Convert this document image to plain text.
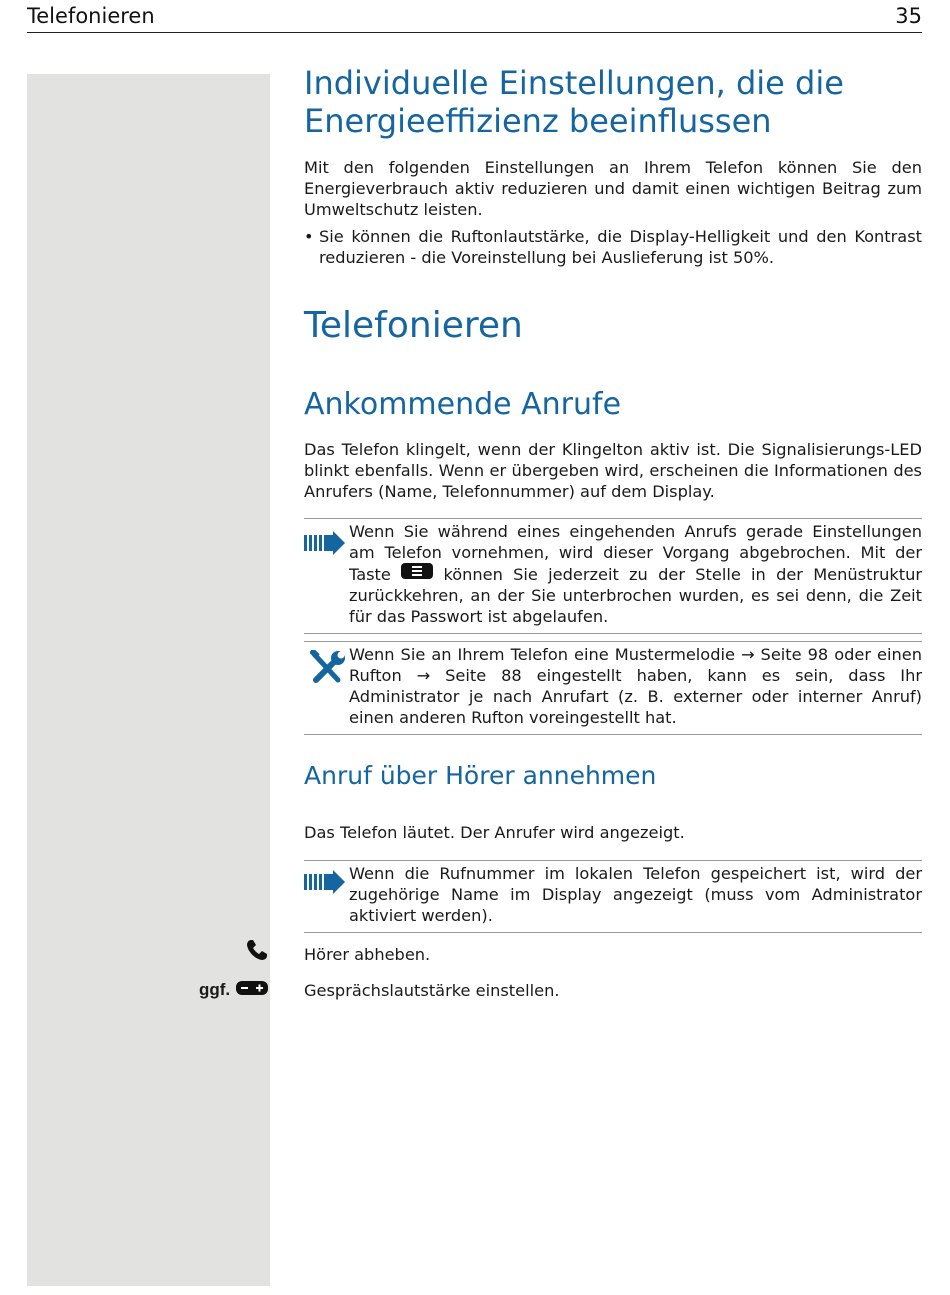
Telefonieren	35
Individuelle Einstellungen, die die
Energieeffizienz beeinflussen
Mit den folgenden Einstellungen an Ihrem Telefon können Sie den Energieverbrauch aktiv reduzieren und damit einen wichtigen Beitrag zum Umweltschutz leisten.
• Sie können die Ruftonlautstärke, die Display-Helligkeit und den Kontrast reduzieren - die Voreinstellung bei Auslieferung ist 50%.
Telefonieren
Ankommende Anrufe
Das Telefon klingelt, wenn der Klingelton aktiv ist. Die Signalisierungs-LED blinkt ebenfalls. Wenn er übergeben wird, erscheinen die Informationen des Anrufers (Name, Telefonnummer) auf dem Display.
Wenn Sie während eines eingehenden Anrufs gerade Einstellungen am Telefon vornehmen, wird dieser Vorgang abgebrochen. Mit der Taste	können Sie jederzeit zu der Stelle in der Menüstruktur zurückkehren, an der Sie unterbrochen wurden, es sei denn, die Zeit für das Passwort ist abgelaufen.
Wenn Sie an Ihrem Telefon eine Mustermelodie → Seite 98 oder einen Rufton → Seite 88 eingestellt haben, kann es sein, dass Ihr Administrator je nach Anrufart (z. B. externer oder interner Anruf) einen anderen Rufton voreingestellt hat.
Anruf über Hörer annehmen
Das Telefon läutet. Der Anrufer wird angezeigt.
Wenn die Rufnummer im lokalen Telefon gespeichert ist, wird der zugehörige Name im Display angezeigt (muss vom Administrator aktiviert werden).
Hörer abheben.
ggf.	Gesprächslautstärke einstellen.
